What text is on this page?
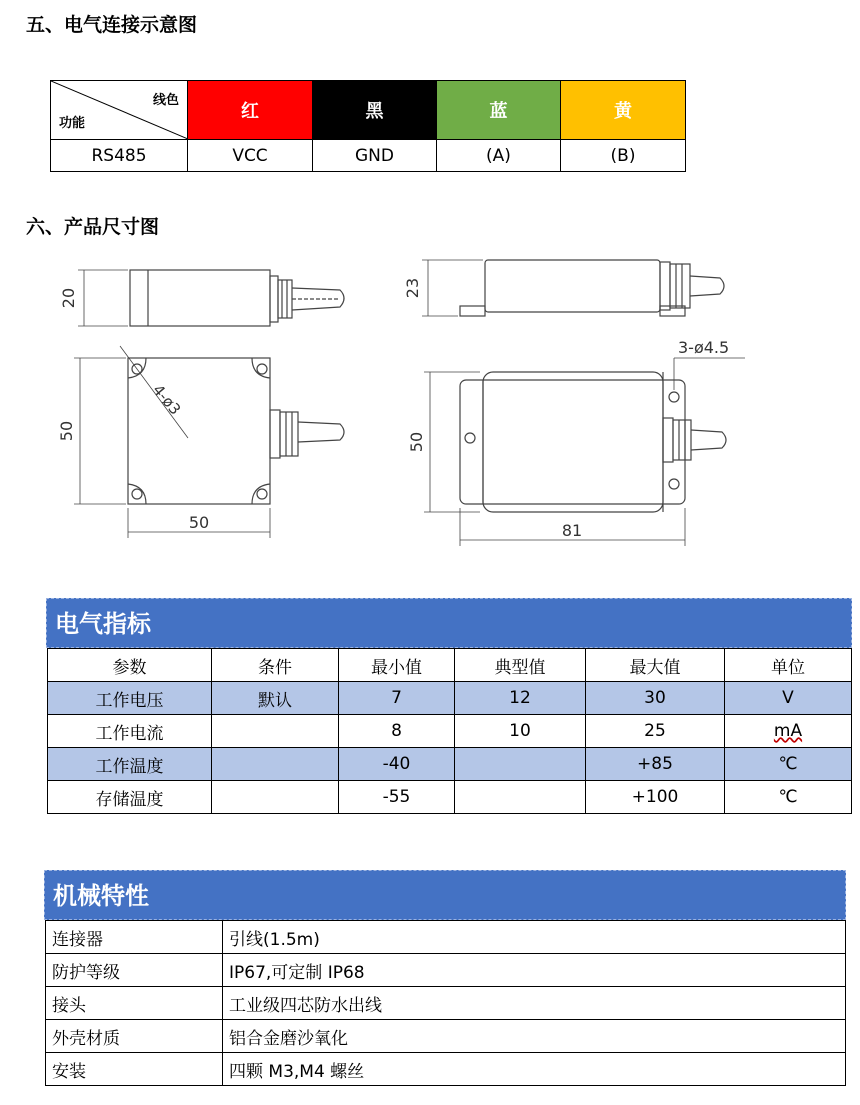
五、电气连接示意图
线色
功能	红	黑	蓝	黄
RS485	VCC	GND	(A)	(B)
六、产品尺寸图
20	23
4-ø3
50
50
3-ø4.5
50
81
电气指标
参数	条件	最小值	典型值	最大值	单位
工作电压	默认	7	12	30	V
工作电流		8	10	25	mA
工作温度		-40		+85	℃
存储温度		-55		+100	℃
机械特性
连接器	引线(1.5m)
防护等级	IP67,可定制 IP68
接头	工业级四芯防水出线
外壳材质	铝合金磨沙氧化
安装	四颗 M3,M4 螺丝
